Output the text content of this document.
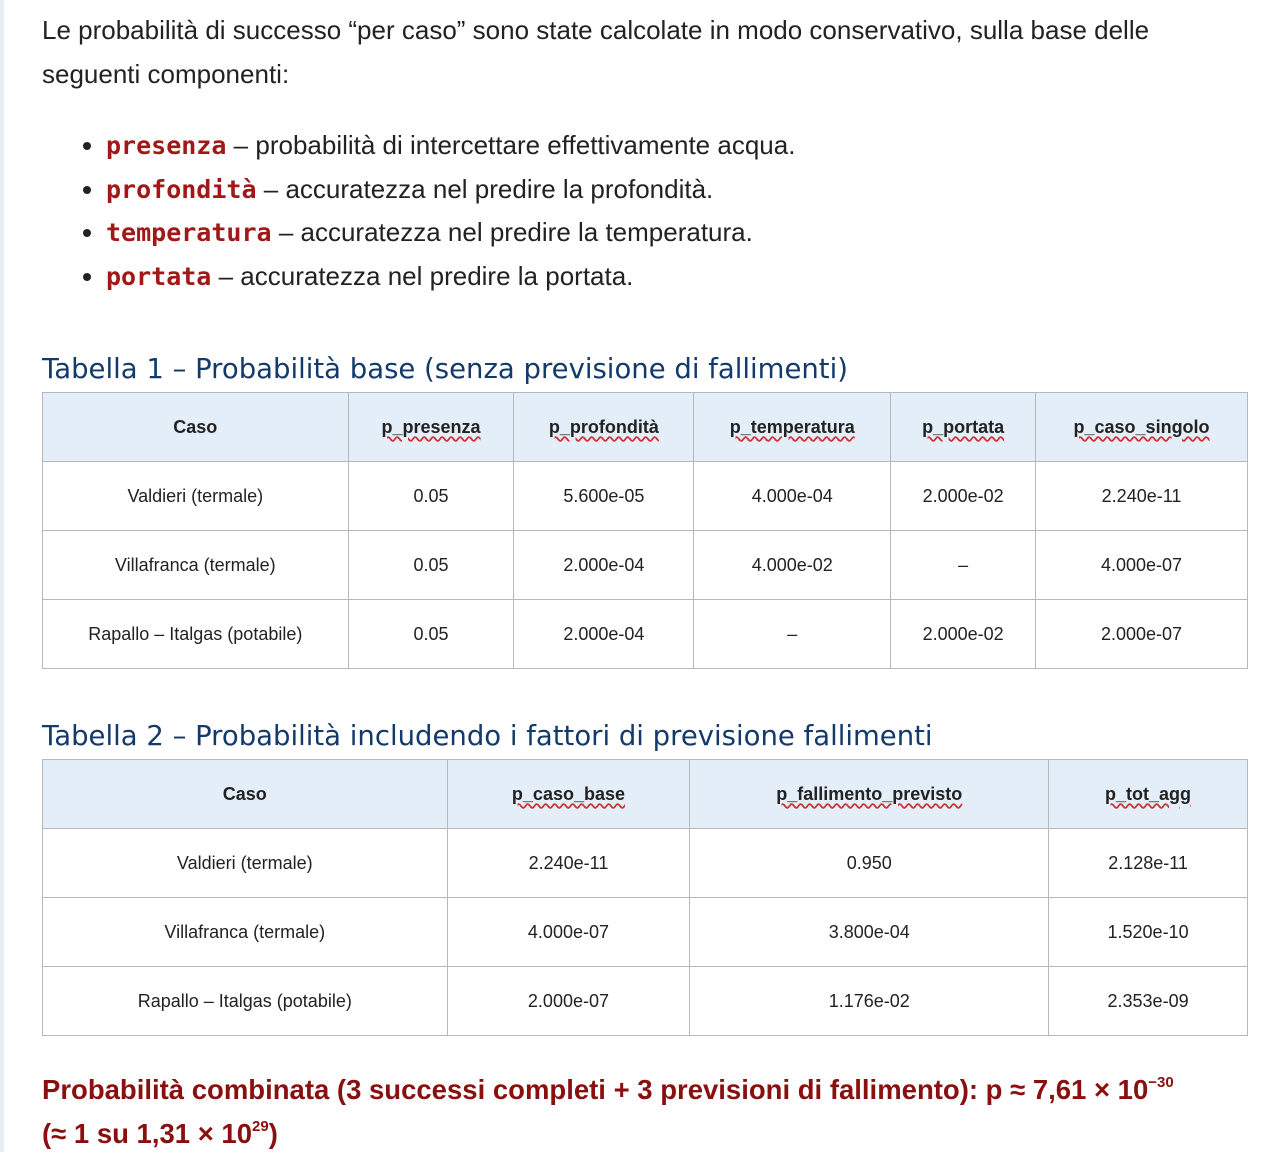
Le probabilità di successo “per caso” sono state calcolate in modo conservativo, sulla base delle seguenti componenti:

• presenza – probabilità di intercettare effettivamente acqua.
• profondità – accuratezza nel predire la profondità.
• temperatura – accuratezza nel predire la temperatura.
• portata – accuratezza nel predire la portata.
Tabella 1 – Probabilità base (senza previsione di fallimenti)
Caso	p_presenza	p_profondità	p_temperatura	p_portata	p_caso_singolo
Valdieri (termale)	0.05	5.600e-05	4.000e-04	2.000e-02	2.240e-11
Villafranca (termale)	0.05	2.000e-04	4.000e-02	–	4.000e-07
Rapallo – Italgas (potabile)	0.05	2.000e-04	–	2.000e-02	2.000e-07
Tabella 2 – Probabilità includendo i fattori di previsione fallimenti
Caso	p_caso_base	p_fallimento_previsto	p_tot_agg
Valdieri (termale)	2.240e-11	0.950	2.128e-11
Villafranca (termale)	4.000e-07	3.800e-04	1.520e-10
Rapallo – Italgas (potabile)	2.000e-07	1.176e-02	2.353e-09
Probabilità combinata (3 successi completi + 3 previsioni di fallimento): $p \approx 7,61 \times 10^{-30}$
(≈ 1 su $1,31 \times 10^{29}$)
